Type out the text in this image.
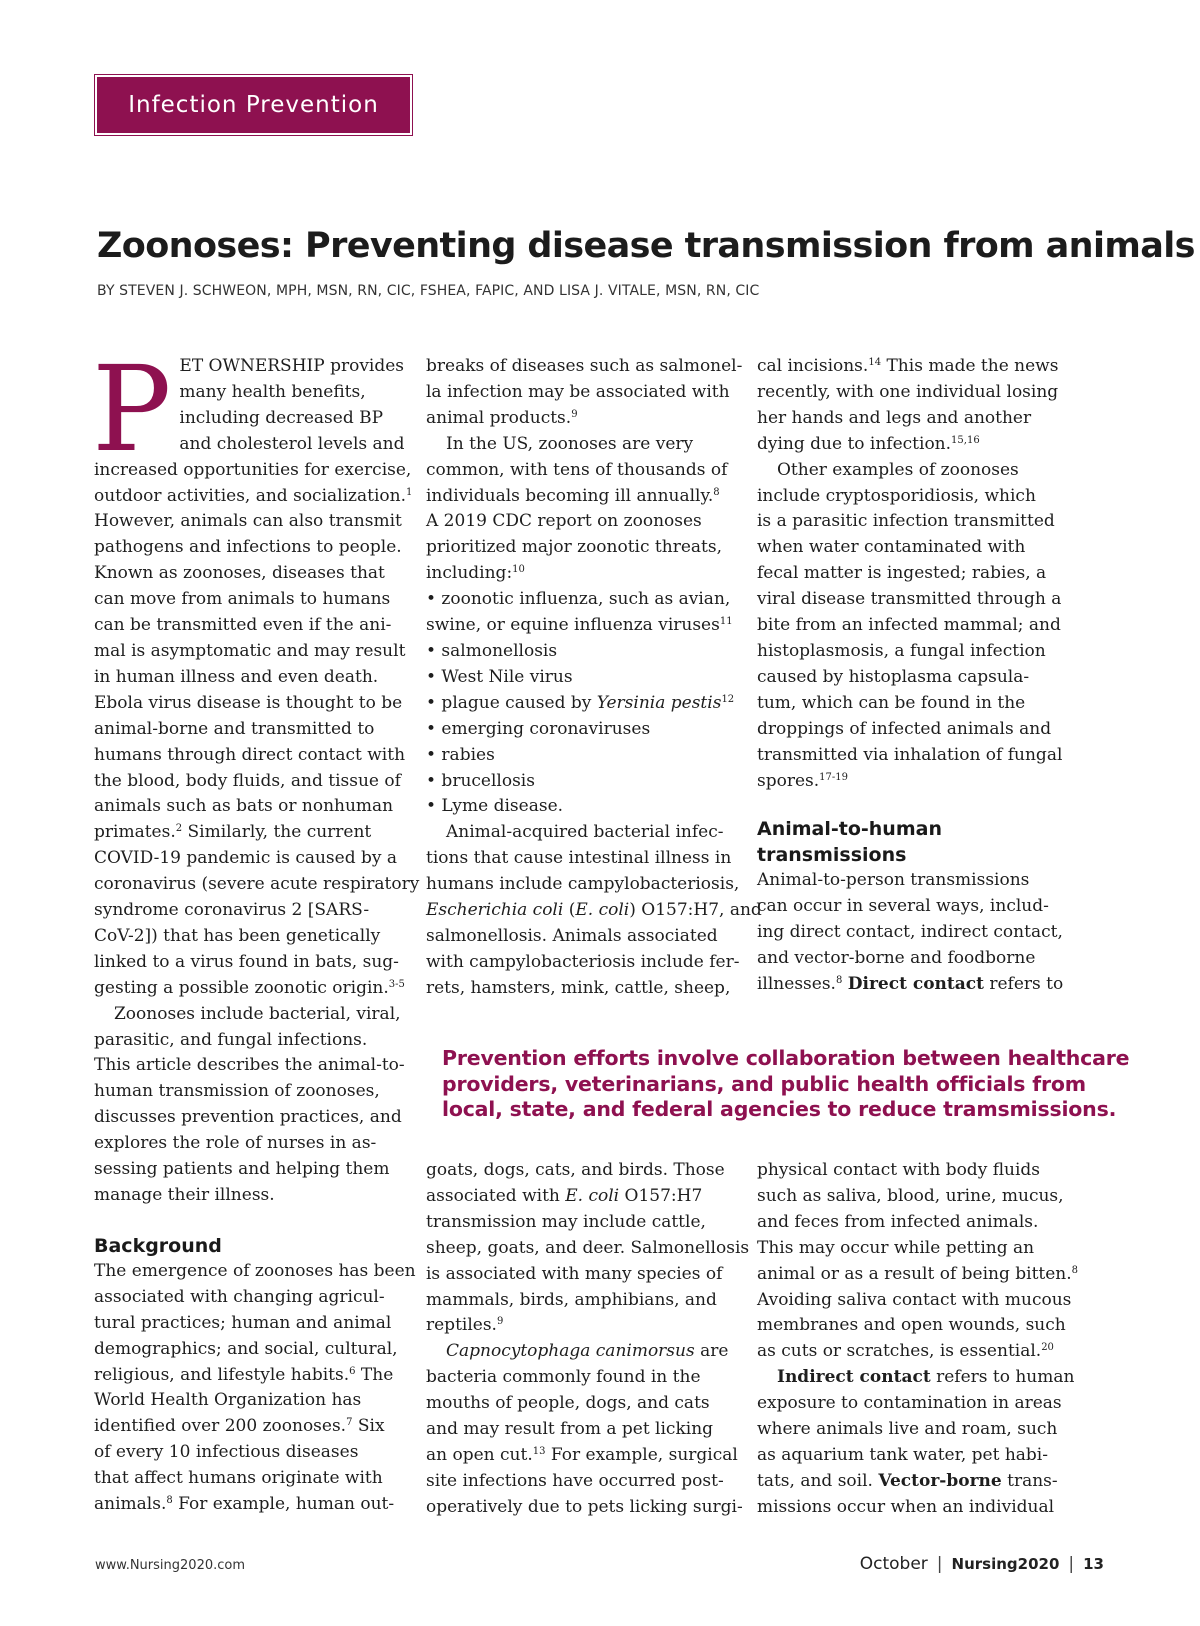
Infection Prevention
Zoonoses: Preventing disease transmission from animals
BY STEVEN J. SCHWEON, MPH, MSN, RN, CIC, FSHEA, FAPIC, AND LISA J. VITALE, MSN, RN, CIC

P ET OWNERSHIP provides
many health benefits,
including decreased BP
and cholesterol levels and
increased opportunities for exercise,
outdoor activities, and socialization.$^1$
However, animals can also transmit
pathogens and infections to people.
Known as zoonoses, diseases that
can move from animals to humans
can be transmitted even if the ani-
mal is asymptomatic and may result
in human illness and even death.
Ebola virus disease is thought to be
animal-borne and transmitted to
humans through direct contact with
the blood, body fluids, and tissue of
animals such as bats or nonhuman
primates.$^2$ Similarly, the current
COVID-19 pandemic is caused by a
coronavirus (severe acute respiratory
syndrome coronavirus 2 [SARS-
CoV-2]) that has been genetically
linked to a virus found in bats, sug-
gesting a possible zoonotic origin.$^{3-5}$

Zoonoses include bacterial, viral,
parasitic, and fungal infections.
This article describes the animal-to-
human transmission of zoonoses,
discusses prevention practices, and
explores the role of nurses in as-
sessing patients and helping them
manage their illness.

Background

The emergence of zoonoses has been
associated with changing agricul-
tural practices; human and animal
demographics; and social, cultural,
religious, and lifestyle habits.$^6$ The
World Health Organization has
identified over 200 zoonoses.$^7$ Six
of every 10 infectious diseases
that affect humans originate with
animals.$^8$ For example, human out-

breaks of diseases such as salmonel-
la infection may be associated with
animal products.$^9$

In the US, zoonoses are very
common, with tens of thousands of
individuals becoming ill annually.$^8$
A 2019 CDC report on zoonoses
prioritized major zoonotic threats,
including:$^{10}$

• zoonotic influenza, such as avian,
swine, or equine influenza viruses$^{11}$
• salmonellosis
• West Nile virus
• plague caused by Yersinia pestis$^{12}$
• emerging coronaviruses
• rabies
• brucellosis
• Lyme disease.

Animal-acquired bacterial infec-
tions that cause intestinal illness in
humans include campylobacteriosis,
Escherichia coli (E. coli) O157:H7, and
salmonellosis. Animals associated
with campylobacteriosis include fer-
rets, hamsters, mink, cattle, sheep,

cal incisions.$^{14}$ This made the news
recently, with one individual losing
her hands and legs and another
dying due to infection.$^{15,16}$

Other examples of zoonoses
include cryptosporidiosis, which
is a parasitic infection transmitted
when water contaminated with
fecal matter is ingested; rabies, a
viral disease transmitted through a
bite from an infected mammal; and
histoplasmosis, a fungal infection
caused by histoplasma capsula-
tum, which can be found in the
droppings of infected animals and
transmitted via inhalation of fungal
spores.$^{17-19}$

Animal-to-human
transmissions

Animal-to-person transmissions
can occur in several ways, includ-
ing direct contact, indirect contact,
and vector-borne and foodborne
illnesses.$^8$ Direct contact refers to

Prevention efforts involve collaboration between healthcare
providers, veterinarians, and public health officials from
local, state, and federal agencies to reduce tramsmissions.

goats, dogs, cats, and birds. Those
associated with E. coli O157:H7
transmission may include cattle,
sheep, goats, and deer. Salmonellosis
is associated with many species of
mammals, birds, amphibians, and
reptiles.$^9$

Capnocytophaga canimorsus are
bacteria commonly found in the
mouths of people, dogs, and cats
and may result from a pet licking
an open cut.$^{13}$ For example, surgical
site infections have occurred post-
operatively due to pets licking surgi-

physical contact with body fluids
such as saliva, blood, urine, mucus,
and feces from infected animals.
This may occur while petting an
animal or as a result of being bitten.$^8$
Avoiding saliva contact with mucous
membranes and open wounds, such
as cuts or scratches, is essential.$^{20}$

Indirect contact refers to human
exposure to contamination in areas
where animals live and roam, such
as aquarium tank water, pet habi-
tats, and soil. Vector-borne trans-
missions occur when an individual

www.Nursing2020.com	October | Nursing2020 | 13
